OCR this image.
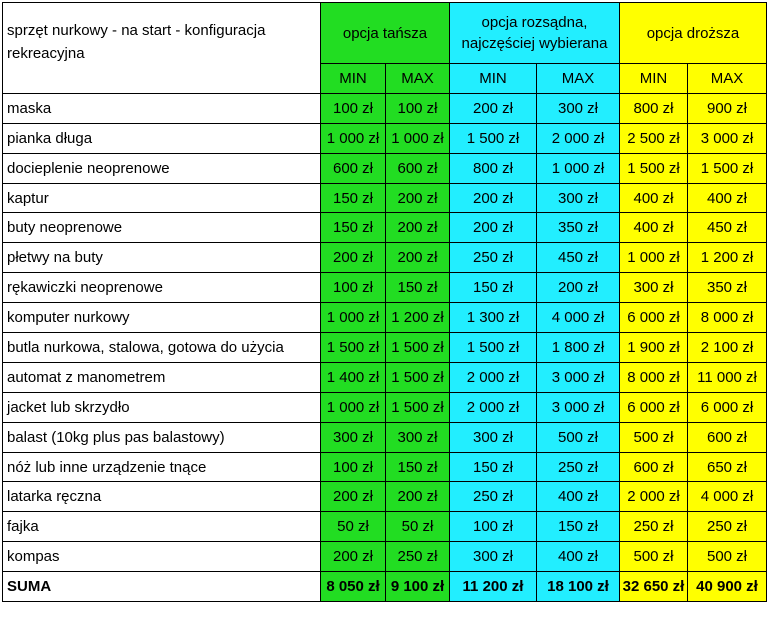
sprzęt nurkowy - na start - konfiguracja rekreacyjna	opcja tańsza		opcja rozsądna, najczęściej wybierana		opcja droższa	
	MIN	MAX	MIN	MAX	MIN	MAX
maska	100 zł	100 zł	200 zł	300 zł	800 zł	900 zł
pianka długa	1 000 zł	1 000 zł	1 500 zł	2 000 zł	2 500 zł	3 000 zł
docieplenie neoprenowe	600 zł	600 zł	800 zł	1 000 zł	1 500 zł	1 500 zł
kaptur	150 zł	200 zł	200 zł	300 zł	400 zł	400 zł
buty neoprenowe	150 zł	200 zł	200 zł	350 zł	400 zł	450 zł
płetwy na buty	200 zł	200 zł	250 zł	450 zł	1 000 zł	1 200 zł
rękawiczki neoprenowe	100 zł	150 zł	150 zł	200 zł	300 zł	350 zł
komputer nurkowy	1 000 zł	1 200 zł	1 300 zł	4 000 zł	6 000 zł	8 000 zł
butla nurkowa, stalowa, gotowa do użycia	1 500 zł	1 500 zł	1 500 zł	1 800 zł	1 900 zł	2 100 zł
automat z manometrem	1 400 zł	1 500 zł	2 000 zł	3 000 zł	8 000 zł	11 000 zł
jacket lub skrzydło	1 000 zł	1 500 zł	2 000 zł	3 000 zł	6 000 zł	6 000 zł
balast (10kg plus pas balastowy)	300 zł	300 zł	300 zł	500 zł	500 zł	600 zł
nóż lub inne urządzenie tnące	100 zł	150 zł	150 zł	250 zł	600 zł	650 zł
latarka ręczna	200 zł	200 zł	250 zł	400 zł	2 000 zł	4 000 zł
fajka	50 zł	50 zł	100 zł	150 zł	250 zł	250 zł
kompas	200 zł	250 zł	300 zł	400 zł	500 zł	500 zł
SUMA	8 050 zł	9 100 zł	11 200 zł	18 100 zł	32 650 zł	40 900 zł
